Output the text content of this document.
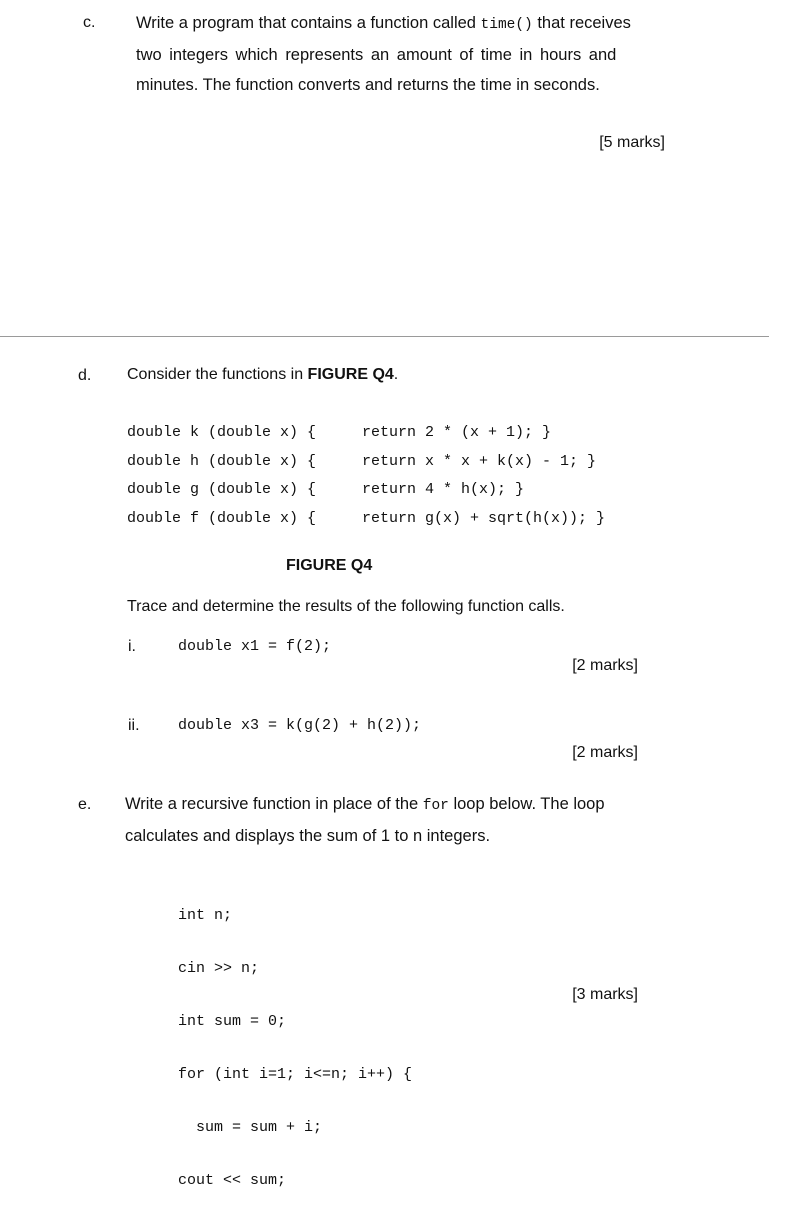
c. Write a program that contains a function called time() that receives
two integers which represents an amount of time in hours and
minutes. The function converts and returns the time in seconds.
[5 marks]
d. Consider the functions in FIGURE Q4.
double k (double x) {
double h (double x) {
double g (double x) {
double f (double x) {
return 2 * (x + 1); }
return x * x + k(x) - 1; }
return 4 * h(x); }
return g(x) + sqrt(h(x)); }
FIGURE Q4
Trace and determine the results of the following function calls.
i.	double x1 = f(2);
[2 marks]
ii.	double x3 = k(g(2) + h(2));
[2 marks]
e. Write a recursive function in place of the for loop below. The loop
calculates and displays the sum of 1 to n integers.

int n;

cin >> n;

int sum = 0;

for (int i=1; i<=n; i++) {

sum = sum + i;

cout << sum;

[3 marks]
